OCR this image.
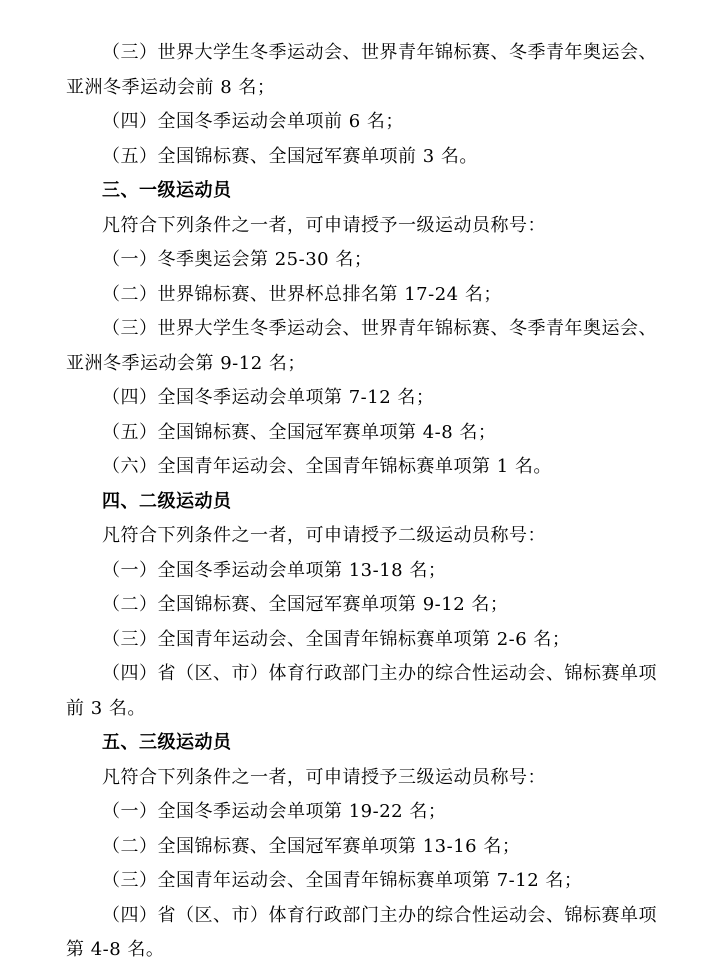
（三）世界大学生冬季运动会、世界青年锦标赛、冬季青年奥运会、
亚洲冬季运动会前 8 名；
（四）全国冬季运动会单项前 6 名；
（五）全国锦标赛、全国冠军赛单项前 3 名。
三、一级运动员
凡符合下列条件之一者，可申请授予一级运动员称号：
（一）冬季奥运会第 25-30 名；
（二）世界锦标赛、世界杯总排名第 17-24 名；
（三）世界大学生冬季运动会、世界青年锦标赛、冬季青年奥运会、
亚洲冬季运动会第 9-12 名；
（四）全国冬季运动会单项第 7-12 名；
（五）全国锦标赛、全国冠军赛单项第 4-8 名；
（六）全国青年运动会、全国青年锦标赛单项第 1 名。
四、二级运动员
凡符合下列条件之一者，可申请授予二级运动员称号：
（一）全国冬季运动会单项第 13-18 名；
（二）全国锦标赛、全国冠军赛单项第 9-12 名；
（三）全国青年运动会、全国青年锦标赛单项第 2-6 名；
（四）省（区、市）体育行政部门主办的综合性运动会、锦标赛单项
前 3 名。
五、三级运动员
凡符合下列条件之一者，可申请授予三级运动员称号：
（一）全国冬季运动会单项第 19-22 名；
（二）全国锦标赛、全国冠军赛单项第 13-16 名；
（三）全国青年运动会、全国青年锦标赛单项第 7-12 名；
（四）省（区、市）体育行政部门主办的综合性运动会、锦标赛单项
第 4-8 名。
